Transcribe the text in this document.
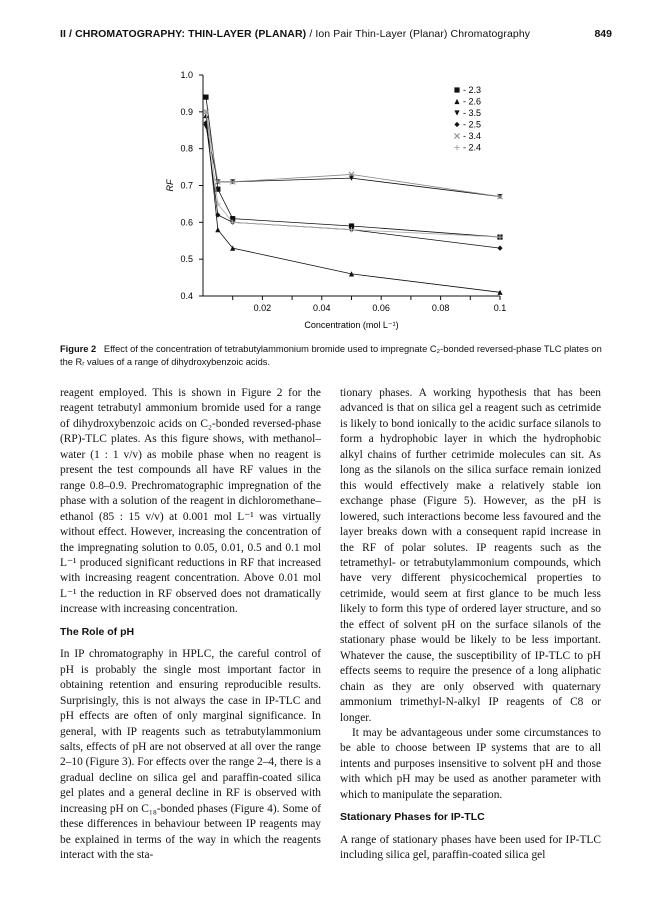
II / CHROMATOGRAPHY: THIN-LAYER (PLANAR) / Ion Pair Thin-Layer (Planar) Chromatography	849
0.4
0.5
0.6
0.7
0.8
0.9
1.0
0.02	0.04	0.06	0.08	0.1
Concentration (mol L⁻¹)
RF
- 2.3
- 2.6
- 3.5
- 2.5
- 3.4
- 2.4
Figure 2 Effect of the concentration of tetrabutylammonium bromide used to impregnate C₂-bonded reversed-phase TLC plates on the Rᵣ values of a range of dihydroxybenzoic acids.

reagent employed. This is shown in Figure 2 for the reagent tetrabutyl ammonium bromide used for a range of dihydroxybenzoic acids on C₂-bonded reversed-phase (RP)-TLC plates. As this figure shows, with methanol–water (1 : 1 v/v) as mobile phase when no reagent is present the test compounds all have RF values in the range 0.8–0.9. Prechromatographic impregnation of the phase with a solution of the reagent in dichloromethane–ethanol (85 : 15 v/v) at 0.001 mol L⁻¹ was virtually without effect. However, increasing the concentration of the impregnating solution to 0.05, 0.01, 0.5 and 0.1 mol L⁻¹ produced significant reductions in RF that increased with increasing reagent concentration. Above 0.01 mol L⁻¹ the reduction in RF observed does not dramatically increase with increasing concentration.

The Role of pH

In IP chromatography in HPLC, the careful control of pH is probably the single most important factor in obtaining retention and ensuring reproducible results. Surprisingly, this is not always the case in IP-TLC and pH effects are often of only marginal significance. In general, with IP reagents such as tetrabutylammonium salts, effects of pH are not observed at all over the range 2–10 (Figure 3). For effects over the range 2–4, there is a gradual decline on silica gel and paraffin-coated silica gel plates and a general decline in RF is observed with increasing pH on C₁₈-bonded phases (Figure 4). Some of these differences in behaviour between IP reagents may be explained in terms of the way in which the reagents interact with the sta-

tionary phases. A working hypothesis that has been advanced is that on silica gel a reagent such as cetrimide is likely to bond ionically to the acidic surface silanols to form a hydrophobic layer in which the hydrophobic alkyl chains of further cetrimide molecules can sit. As long as the silanols on the silica surface remain ionized this would effectively make a relatively stable ion exchange phase (Figure 5). However, as the pH is lowered, such interactions become less favoured and the layer breaks down with a consequent rapid increase in the RF of polar solutes. IP reagents such as the tetramethyl- or tetrabutylammonium compounds, which have very different physicochemical properties to cetrimide, would seem at first glance to be much less likely to form this type of ordered layer structure, and so the effect of solvent pH on the surface silanols of the stationary phase would be likely to be less important. Whatever the cause, the susceptibility of IP-TLC to pH effects seems to require the presence of a long aliphatic chain as they are only observed with quaternary ammonium trimethyl-N-alkyl IP reagents of C8 or longer.

It may be advantageous under some circumstances to be able to choose between IP systems that are to all intents and purposes insensitive to solvent pH and those with which pH may be used as another parameter with which to manipulate the separation.

Stationary Phases for IP-TLC

A range of stationary phases have been used for IP-TLC including silica gel, paraffin-coated silica gel
